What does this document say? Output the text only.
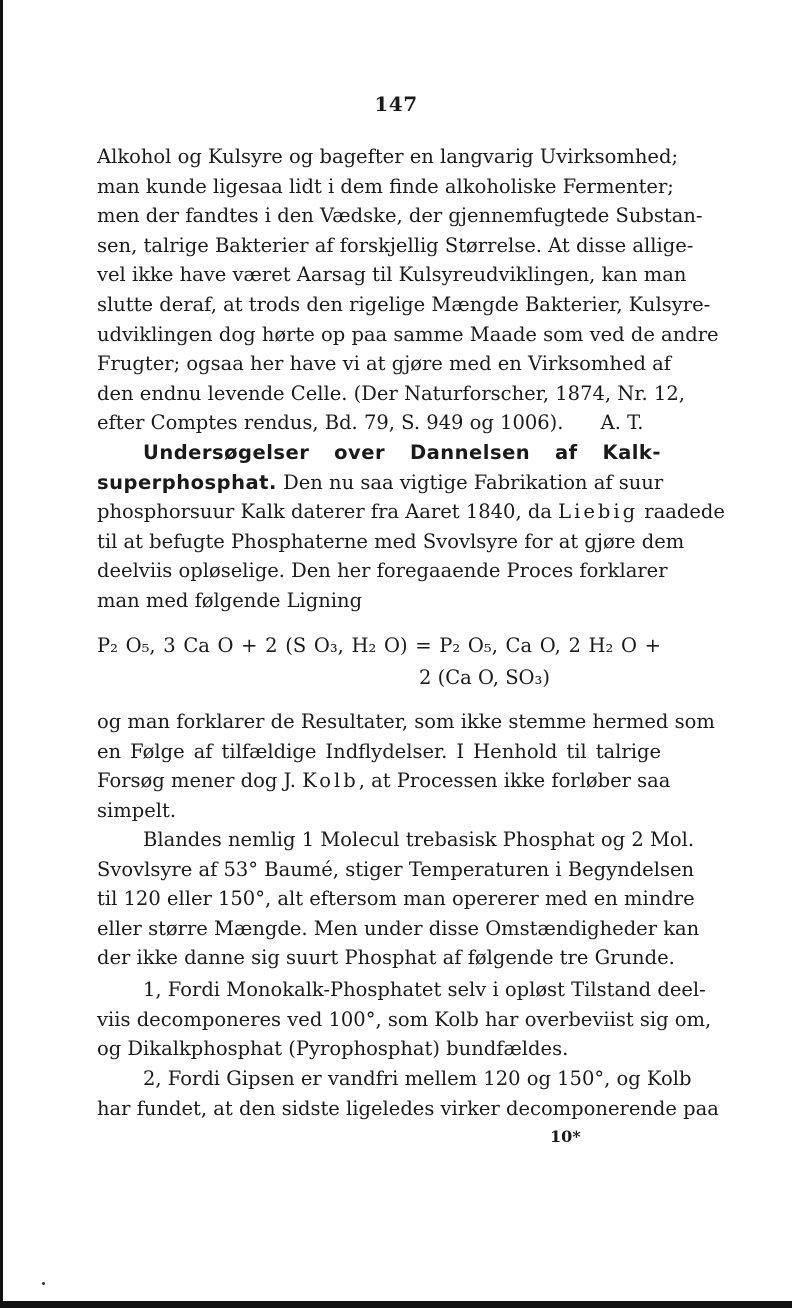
147
Alkohol og Kulsyre og bagefter en langvarig Uvirksomhed;
man kunde ligesaa lidt i dem finde alkoholiske Fermenter;
men der fandtes i den Vædske, der gjennemfugtede Substan-
sen, talrige Bakterier af forskjellig Størrelse. At disse allige-
vel ikke have været Aarsag til Kulsyreudviklingen, kan man
slutte deraf, at trods den rigelige Mængde Bakterier, Kulsyre-
udviklingen dog hørte op paa samme Maade som ved de andre
Frugter; ogsaa her have vi at gjøre med en Virksomhed af
den endnu levende Celle. (Der Naturforscher, 1874, Nr. 12,
efter Comptes rendus, Bd. 79, S. 949 og 1006).      A. T.
Undersøgelser over Dannelsen af Kalk-
superphosphat. Den nu saa vigtige Fabrikation af suur
phosphorsuur Kalk daterer fra Aaret 1840, da Liebig raadede
til at befugte Phosphaterne med Svovlsyre for at gjøre dem
deelviis opløselige. Den her foregaaende Proces forklarer
man med følgende Ligning
P₂ O₅, 3 Ca O + 2 (S O₃, H₂ O) = P₂ O₅, Ca O, 2 H₂ O +
2 (Ca O, SO₃)
og man forklarer de Resultater, som ikke stemme hermed som
en Følge af tilfældige Indflydelser. I Henhold til talrige
Forsøg mener dog J. Kolb, at Processen ikke forløber saa
simpelt.
Blandes nemlig 1 Molecul trebasisk Phosphat og 2 Mol.
Svovlsyre af 53° Baumé, stiger Temperaturen i Begyndelsen
til 120 eller 150°, alt eftersom man opererer med en mindre
eller større Mængde. Men under disse Omstændigheder kan
der ikke danne sig suurt Phosphat af følgende tre Grunde.
1, Fordi Monokalk-Phosphatet selv i opløst Tilstand deel-
viis decomponeres ved 100°, som Kolb har overbeviist sig om,
og Dikalkphosphat (Pyrophosphat) bundfældes.
2, Fordi Gipsen er vandfri mellem 120 og 150°, og Kolb
har fundet, at den sidste ligeledes virker decomponerende paa
10*
